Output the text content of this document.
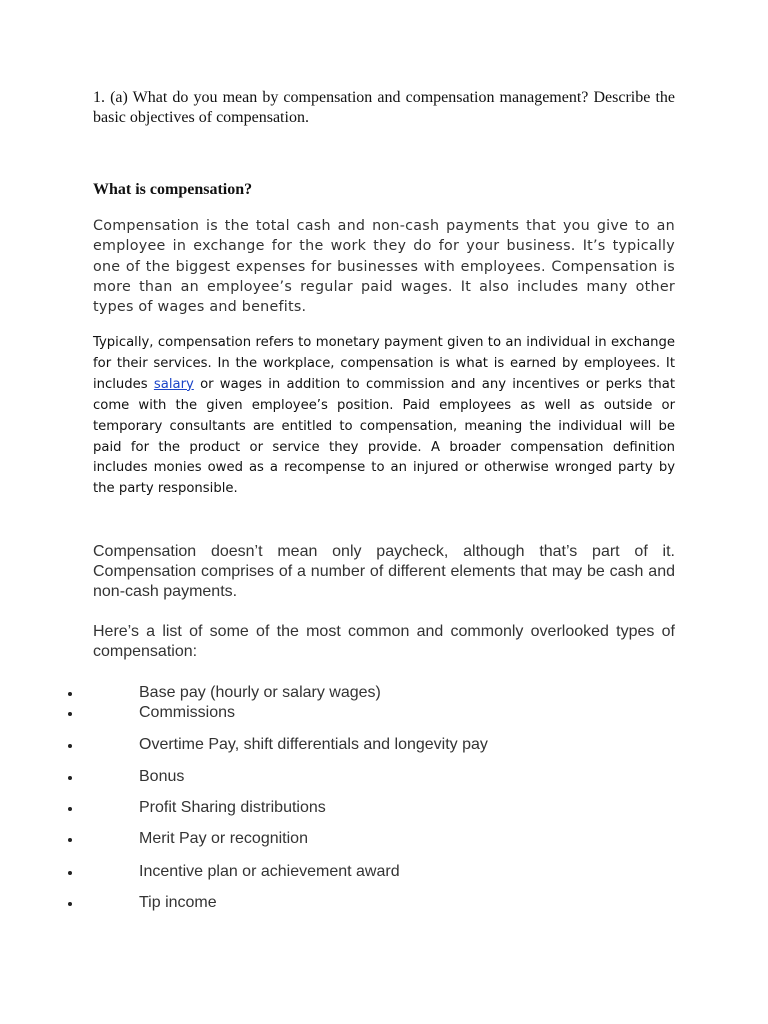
1. (a) What do you mean by compensation and compensation management? Describe the basic objectives of compensation.

What is compensation?

Compensation is the total cash and non-cash payments that you give to an employee in exchange for the work they do for your business. It’s typically one of the biggest expenses for businesses with employees. Compensation is more than an employee’s regular paid wages. It also includes many other types of wages and benefits.

Typically, compensation refers to monetary payment given to an individual in exchange for their services. In the workplace, compensation is what is earned by employees. It includes salary or wages in addition to commission and any incentives or perks that come with the given employee’s position. Paid employees as well as outside or temporary consultants are entitled to compensation, meaning the individual will be paid for the product or service they provide. A broader compensation definition includes monies owed as a recompense to an injured or otherwise wronged party by the party responsible.

Compensation doesn’t mean only paycheck, although that’s part of it. Compensation comprises of a number of different elements that may be cash and non-cash payments.

Here’s a list of some of the most common and commonly overlooked types of compensation:

Base pay (hourly or salary wages)
Commissions
Overtime Pay, shift differentials and longevity pay
Bonus
Profit Sharing distributions
Merit Pay or recognition
Incentive plan or achievement award
Tip income
